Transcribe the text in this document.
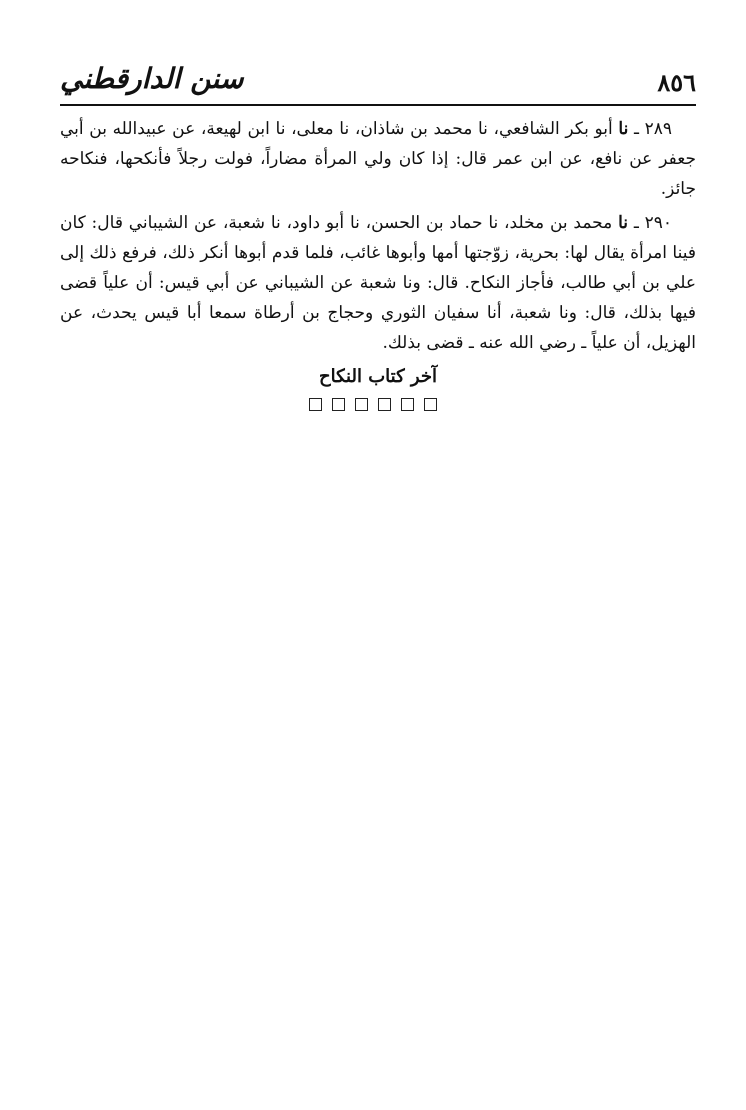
٨٥٦
سنن الدارقطني

٢٨٩ ـ نا أبو بكر الشافعي، نا محمد بن شاذان، نا معلى، نا ابن لهيعة، عن عبيدالله بن أبي جعفر عن نافع، عن ابن عمر قال: إذا كان ولي المرأة مضاراً، فولت رجلاً فأنكحها، فنكاحه جائز.

٢٩٠ ـ نا محمد بن مخلد، نا حماد بن الحسن، نا أبو داود، نا شعبة، عن الشيباني قال: كان فينا امرأة يقال لها: بحرية، زوّجتها أمها وأبوها غائب، فلما قدم أبوها أنكر ذلك، فرفع ذلك إلى علي بن أبي طالب، فأجاز النكاح. قال: ونا شعبة عن الشيباني عن أبي قيس: أن علياً قضى فيها بذلك، قال: ونا شعبة، أنا سفيان الثوري وحجاج بن أرطاة سمعا أبا قيس يحدث، عن الهزيل، أن علياً ـ رضي الله عنه ـ قضى بذلك.

آخر كتاب النكاح
